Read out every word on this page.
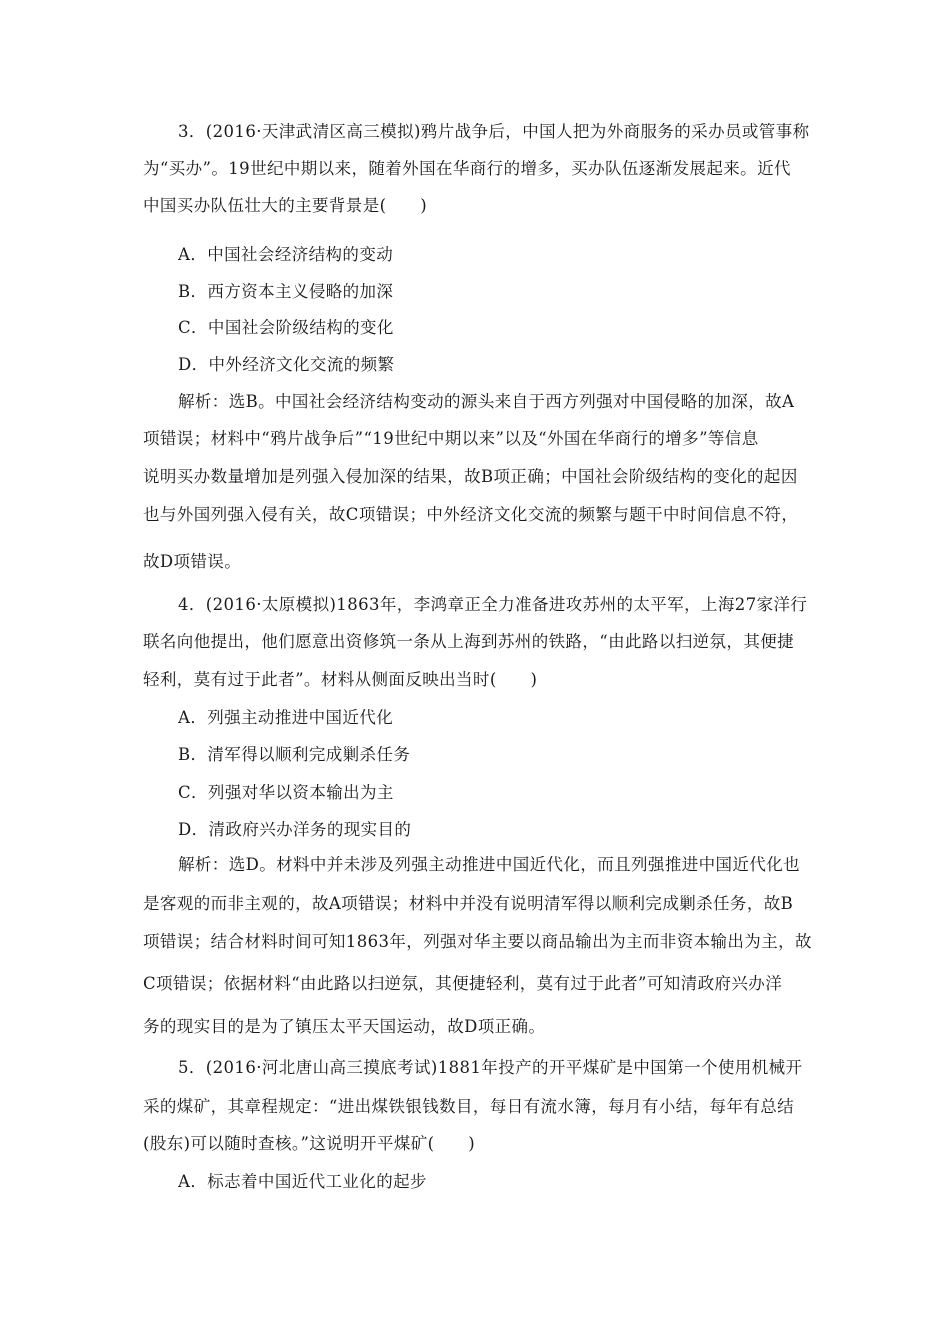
3．(2016·天津武清区高三模拟)鸦片战争后，中国人把为外商服务的采办员或管事称
为“买办”。19世纪中期以来，随着外国在华商行的增多，买办队伍逐渐发展起来。近代
中国买办队伍壮大的主要背景是(　　)
A．中国社会经济结构的变动
B．西方资本主义侵略的加深
C．中国社会阶级结构的变化
D．中外经济文化交流的频繁
解析：选B。中国社会经济结构变动的源头来自于西方列强对中国侵略的加深，故A
项错误；材料中“鸦片战争后”“19世纪中期以来”以及“外国在华商行的增多”等信息
说明买办数量增加是列强入侵加深的结果，故B项正确；中国社会阶级结构的变化的起因
也与外国列强入侵有关，故C项错误；中外经济文化交流的频繁与题干中时间信息不符，
故D项错误。
4．(2016·太原模拟)1863年，李鸿章正全力准备进攻苏州的太平军，上海27家洋行
联名向他提出，他们愿意出资修筑一条从上海到苏州的铁路，“由此路以扫逆氛，其便捷
轻利，莫有过于此者”。材料从侧面反映出当时(　　)
A．列强主动推进中国近代化
B．清军得以顺利完成剿杀任务
C．列强对华以资本输出为主
D．清政府兴办洋务的现实目的
解析：选D。材料中并未涉及列强主动推进中国近代化，而且列强推进中国近代化也
是客观的而非主观的，故A项错误；材料中并没有说明清军得以顺利完成剿杀任务，故B
项错误；结合材料时间可知1863年，列强对华主要以商品输出为主而非资本输出为主，故
C项错误；依据材料“由此路以扫逆氛，其便捷轻利，莫有过于此者”可知清政府兴办洋
务的现实目的是为了镇压太平天国运动，故D项正确。
5．(2016·河北唐山高三摸底考试)1881年投产的开平煤矿是中国第一个使用机械开
采的煤矿，其章程规定：“进出煤铁银钱数目，每日有流水簿，每月有小结，每年有总结
(股东)可以随时查核。”这说明开平煤矿(　　)
A．标志着中国近代工业化的起步
